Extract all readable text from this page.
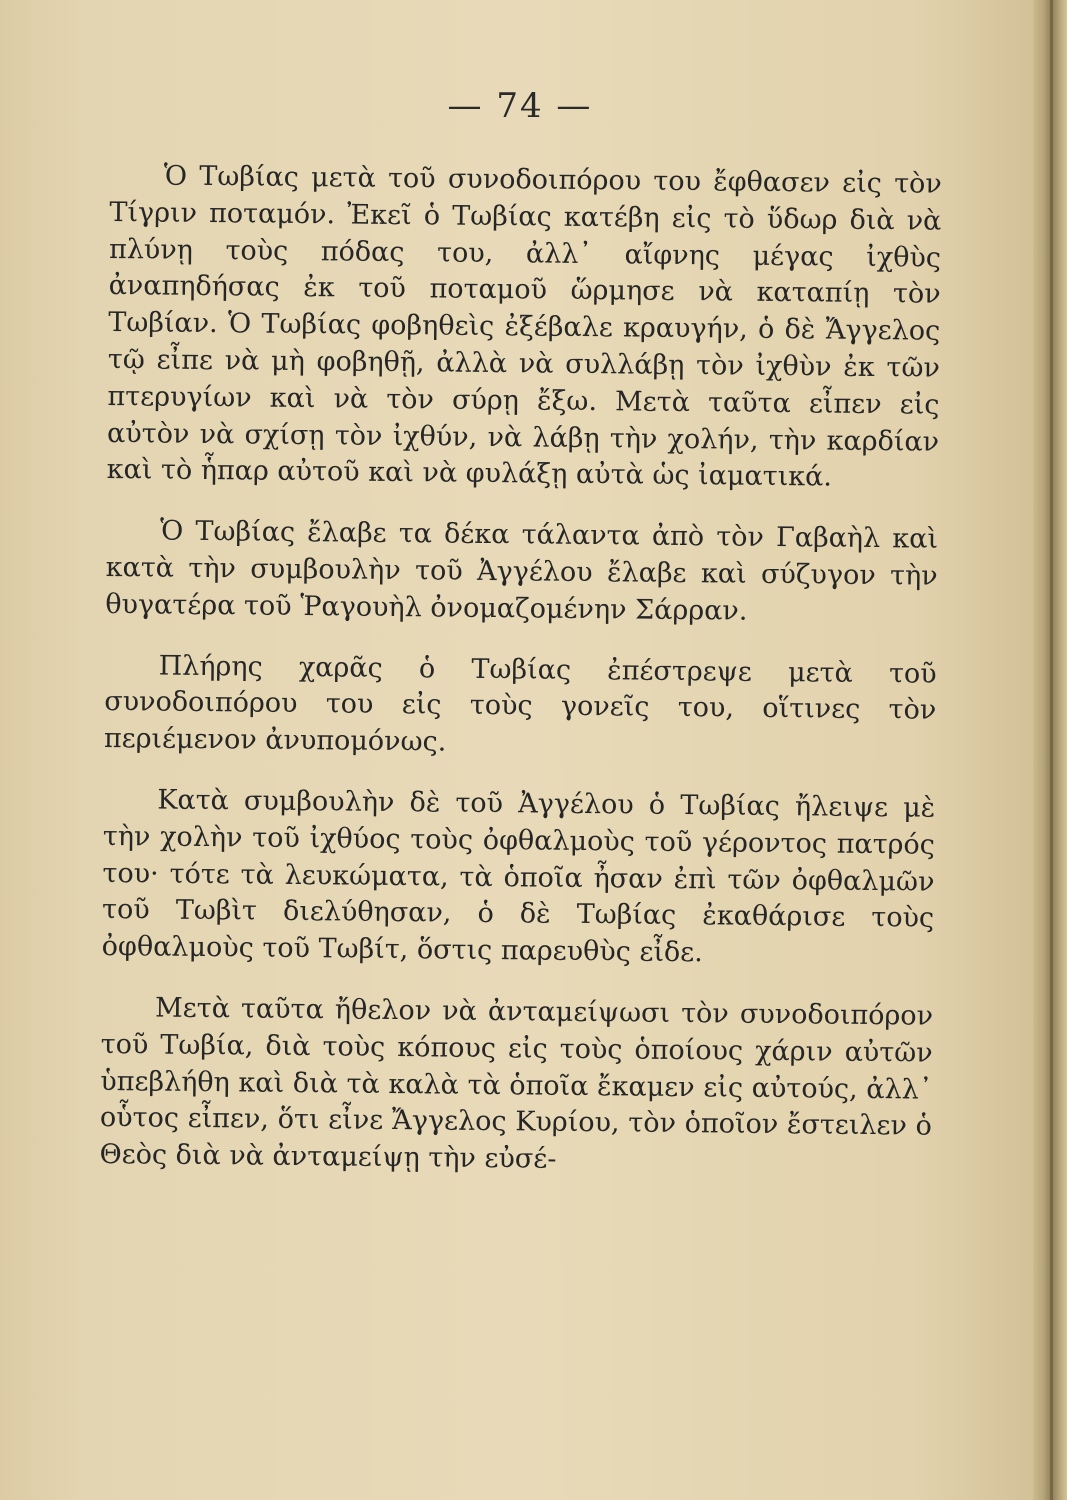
— 74 —

Ὁ Τωβίας μετὰ τοῦ συνοδοιπόρου του ἔφθασεν εἰς τὸν Τίγριν ποταμόν. Ἐκεῖ ὁ Τωβίας κατέβη εἰς τὸ ὕδωρ διὰ νὰ πλύνῃ τοὺς πόδας του, ἀλλ᾽ αἴφνης μέγας ἰχθὺς ἀναπηδήσας ἐκ τοῦ ποταμοῦ ὥρμησε νὰ καταπίῃ τὸν Τωβίαν. Ὁ Τωβίας φοβηθεὶς ἐξέβαλε κραυγήν, ὁ δὲ Ἄγγελος τῷ εἶπε νὰ μὴ φοβηθῇ, ἀλλὰ νὰ συλλάβῃ τὸν ἰχθὺν ἐκ τῶν πτερυγίων καὶ νὰ τὸν σύρῃ ἔξω. Μετὰ ταῦτα εἶπεν εἰς αὐτὸν νὰ σχίσῃ τὸν ἰχθύν, νὰ λάβῃ τὴν χολήν, τὴν καρδίαν καὶ τὸ ἧπαρ αὐτοῦ καὶ νὰ φυλάξῃ αὐτὰ ὡς ἰαματικά.

Ὁ Τωβίας ἔλαβε τα δέκα τάλαντα ἀπὸ τὸν Γαβαὴλ καὶ κατὰ τὴν συμβουλὴν τοῦ Ἀγγέλου ἔλαβε καὶ σύζυγον τὴν θυγατέρα τοῦ Ῥαγουὴλ ὀνομαζομένην Σάρραν.

Πλήρης χαρᾶς ὁ Τωβίας ἐπέστρεψε μετὰ τοῦ συνοδοιπόρου του εἰς τοὺς γονεῖς του, οἵτινες τὸν περιέμενον ἀνυπομόνως.

Κατὰ συμβουλὴν δὲ τοῦ Ἀγγέλου ὁ Τωβίας ἤλειψε μὲ τὴν χολὴν τοῦ ἰχθύος τοὺς ὀφθαλμοὺς τοῦ γέροντος πατρός του· τότε τὰ λευκώματα, τὰ ὁποῖα ἦσαν ἐπὶ τῶν ὀφθαλμῶν τοῦ Τωβὶτ διελύθησαν, ὁ δὲ Τωβίας ἐκαθάρισε τοὺς ὀφθαλμοὺς τοῦ Τωβίτ, ὅστις παρευθὺς εἶδε.

Μετὰ ταῦτα ἤθελον νὰ ἀνταμείψωσι τὸν συνοδοιπόρον τοῦ Τωβία, διὰ τοὺς κόπους εἰς τοὺς ὁποίους χάριν αὐτῶν ὑπεβλήθη καὶ διὰ τὰ καλὰ τὰ ὁποῖα ἔκαμεν εἰς αὐτούς, ἀλλ᾽ οὗτος εἶπεν, ὅτι εἶνε Ἄγγελος Κυρίου, τὸν ὁποῖον ἔστειλεν ὁ Θεὸς διὰ νὰ ἀνταμείψῃ τὴν εὐσέ-
